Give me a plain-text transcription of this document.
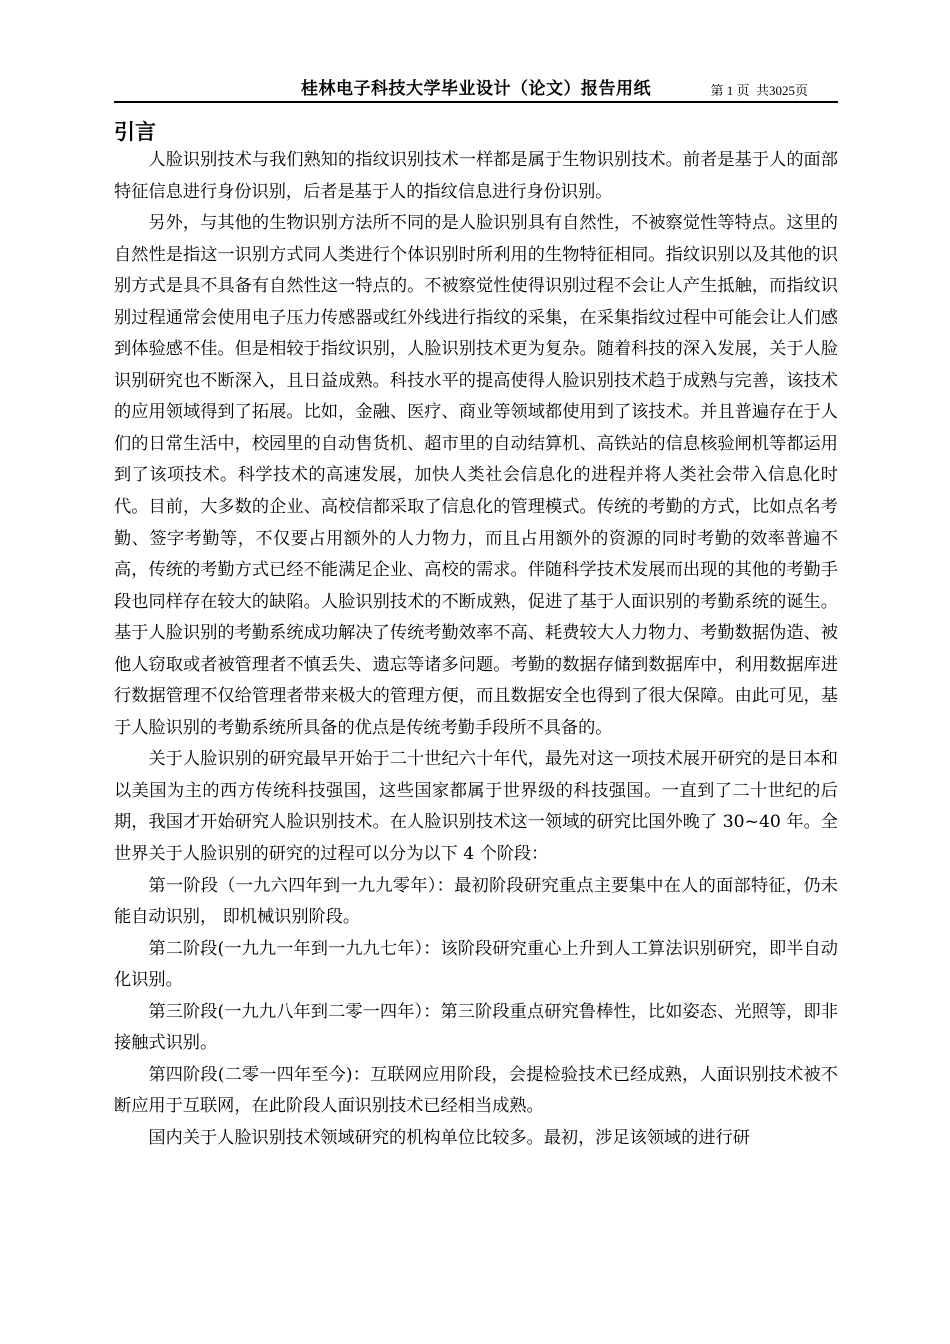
桂林电子科技大学毕业设计（论文）报告用纸	第 1 页  共3025页
引言

人脸识别技术与我们熟知的指纹识别技术一样都是属于生物识别技术。前者是基于人的面部特征信息进行身份识别，后者是基于人的指纹信息进行身份识别。

另外，与其他的生物识别方法所不同的是人脸识别具有自然性，不被察觉性等特点。这里的自然性是指这一识别方式同人类进行个体识别时所利用的生物特征相同。指纹识别以及其他的识别方式是具不具备有自然性这一特点的。不被察觉性使得识别过程不会让人产生抵触，而指纹识别过程通常会使用电子压力传感器或红外线进行指纹的采集，在采集指纹过程中可能会让人们感到体验感不佳。但是相较于指纹识别，人脸识别技术更为复杂。随着科技的深入发展，关于人脸识别研究也不断深入，且日益成熟。科技水平的提高使得人脸识别技术趋于成熟与完善，该技术的应用领域得到了拓展。比如，金融、医疗、商业等领域都使用到了该技术。并且普遍存在于人们的日常生活中，校园里的自动售货机、超市里的自动结算机、高铁站的信息核验闸机等都运用到了该项技术。科学技术的高速发展，加快人类社会信息化的进程并将人类社会带入信息化时代。目前，大多数的企业、高校信都采取了信息化的管理模式。传统的考勤的方式，比如点名考勤、签字考勤等，不仅要占用额外的人力物力，而且占用额外的资源的同时考勤的效率普遍不高，传统的考勤方式已经不能满足企业、高校的需求。伴随科学技术发展而出现的其他的考勤手段也同样存在较大的缺陷。人脸识别技术的不断成熟，促进了基于人面识别的考勤系统的诞生。基于人脸识别的考勤系统成功解决了传统考勤效率不高、耗费较大人力物力、考勤数据伪造、被他人窃取或者被管理者不慎丢失、遗忘等诸多问题。考勤的数据存储到数据库中，利用数据库进行数据管理不仅给管理者带来极大的管理方便，而且数据安全也得到了很大保障。由此可见，基于人脸识别的考勤系统所具备的优点是传统考勤手段所不具备的。

关于人脸识别的研究最早开始于二十世纪六十年代，最先对这一项技术展开研究的是日本和以美国为主的西方传统科技强国，这些国家都属于世界级的科技强国。一直到了二十世纪的后期，我国才开始研究人脸识别技术。在人脸识别技术这一领域的研究比国外晚了 30~40 年。全世界关于人脸识别的研究的过程可以分为以下 4 个阶段：

第一阶段（一九六四年到一九九零年）：最初阶段研究重点主要集中在人的面部特征，仍未能自动识别， 即机械识别阶段。

第二阶段(一九九一年到一九九七年）：该阶段研究重心上升到人工算法识别研究，即半自动化识别。

第三阶段(一九九八年到二零一四年）：第三阶段重点研究鲁棒性，比如姿态、光照等，即非接触式识别。

第四阶段(二零一四年至今)：互联网应用阶段，会提检验技术已经成熟，人面识别技术被不断应用于互联网，在此阶段人面识别技术已经相当成熟。

国内关于人脸识别技术领域研究的机构单位比较多。最初，涉足该领域的进行研
